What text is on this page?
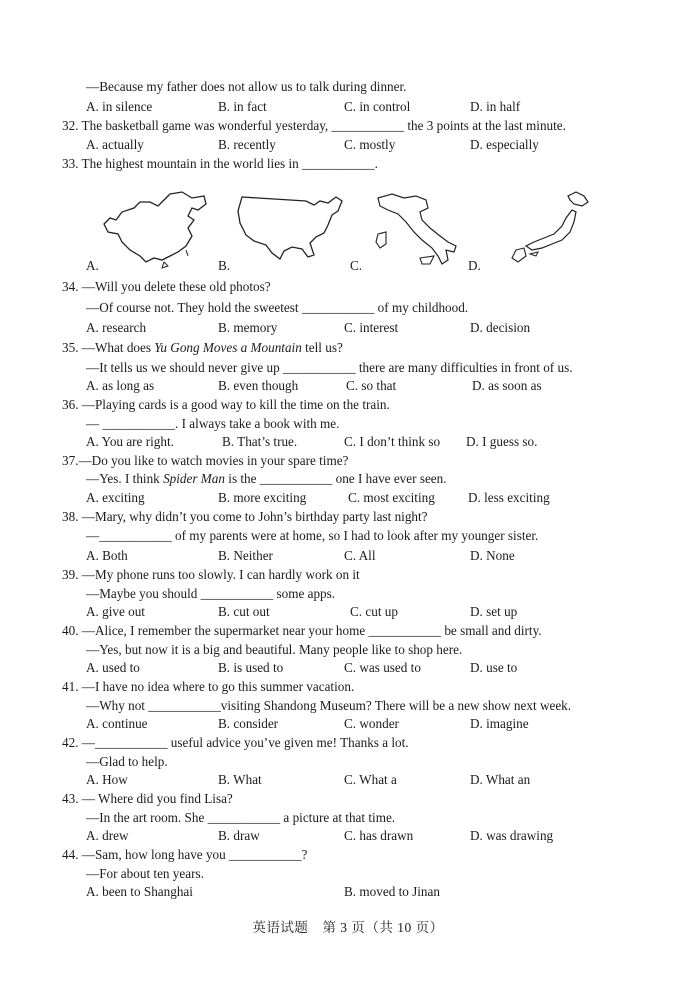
—Because my father does not allow us to talk during dinner.
A. in silence	B. in fact	C. in control	D. in half
32. The basketball game was wonderful yesterday, ___________ the 3 points at the last minute.
A. actually	B. recently	C. mostly	D. especially
33. The highest mountain in the world lies in ___________.
A.	B.	C.	D.
34. —Will you delete these old photos?
—Of course not. They hold the sweetest ___________ of my childhood.
A. research	B. memory	C. interest	D. decision
35. —What does Yu Gong Moves a Mountain tell us?
—It tells us we should never give up ___________ there are many difficulties in front of us.
A. as long as	B. even though	C. so that	D. as soon as
36. —Playing cards is a good way to kill the time on the train.
— ___________. I always take a book with me.
A. You are right.	B. That’s true.	C. I don’t think so D. I guess so.
37.—Do you like to watch movies in your spare time?
—Yes. I think Spider Man is the ___________ one I have ever seen.
A. exciting	B. more exciting	C. most exciting	D. less exciting
38. —Mary, why didn’t you come to John’s birthday party last night?
—___________ of my parents were at home, so I had to look after my younger sister.
A. Both	B. Neither	C. All	D. None
39. —My phone runs too slowly. I can hardly work on it
—Maybe you should ___________ some apps.
A. give out	B. cut out	C. cut up	D. set up
40. —Alice, I remember the supermarket near your home ___________ be small and dirty.
—Yes, but now it is a big and beautiful. Many people like to shop here.
A. used to	B. is used to	C. was used to	D. use to
41. —I have no idea where to go this summer vacation.
—Why not ___________visiting Shandong Museum? There will be a new show next week.
A. continue	B. consider	C. wonder	D. imagine
42. —___________ useful advice you’ve given me! Thanks a lot.
—Glad to help.
A. How	B. What	C. What a	D. What an
43. — Where did you find Lisa?
—In the art room. She ___________ a picture at that time.
A. drew	B. draw	C. has drawn	D. was drawing
44. —Sam, how long have you ___________?
—For about ten years.
A. been to Shanghai	B. moved to Jinan
英语试题　第 3 页（共 10 页）
